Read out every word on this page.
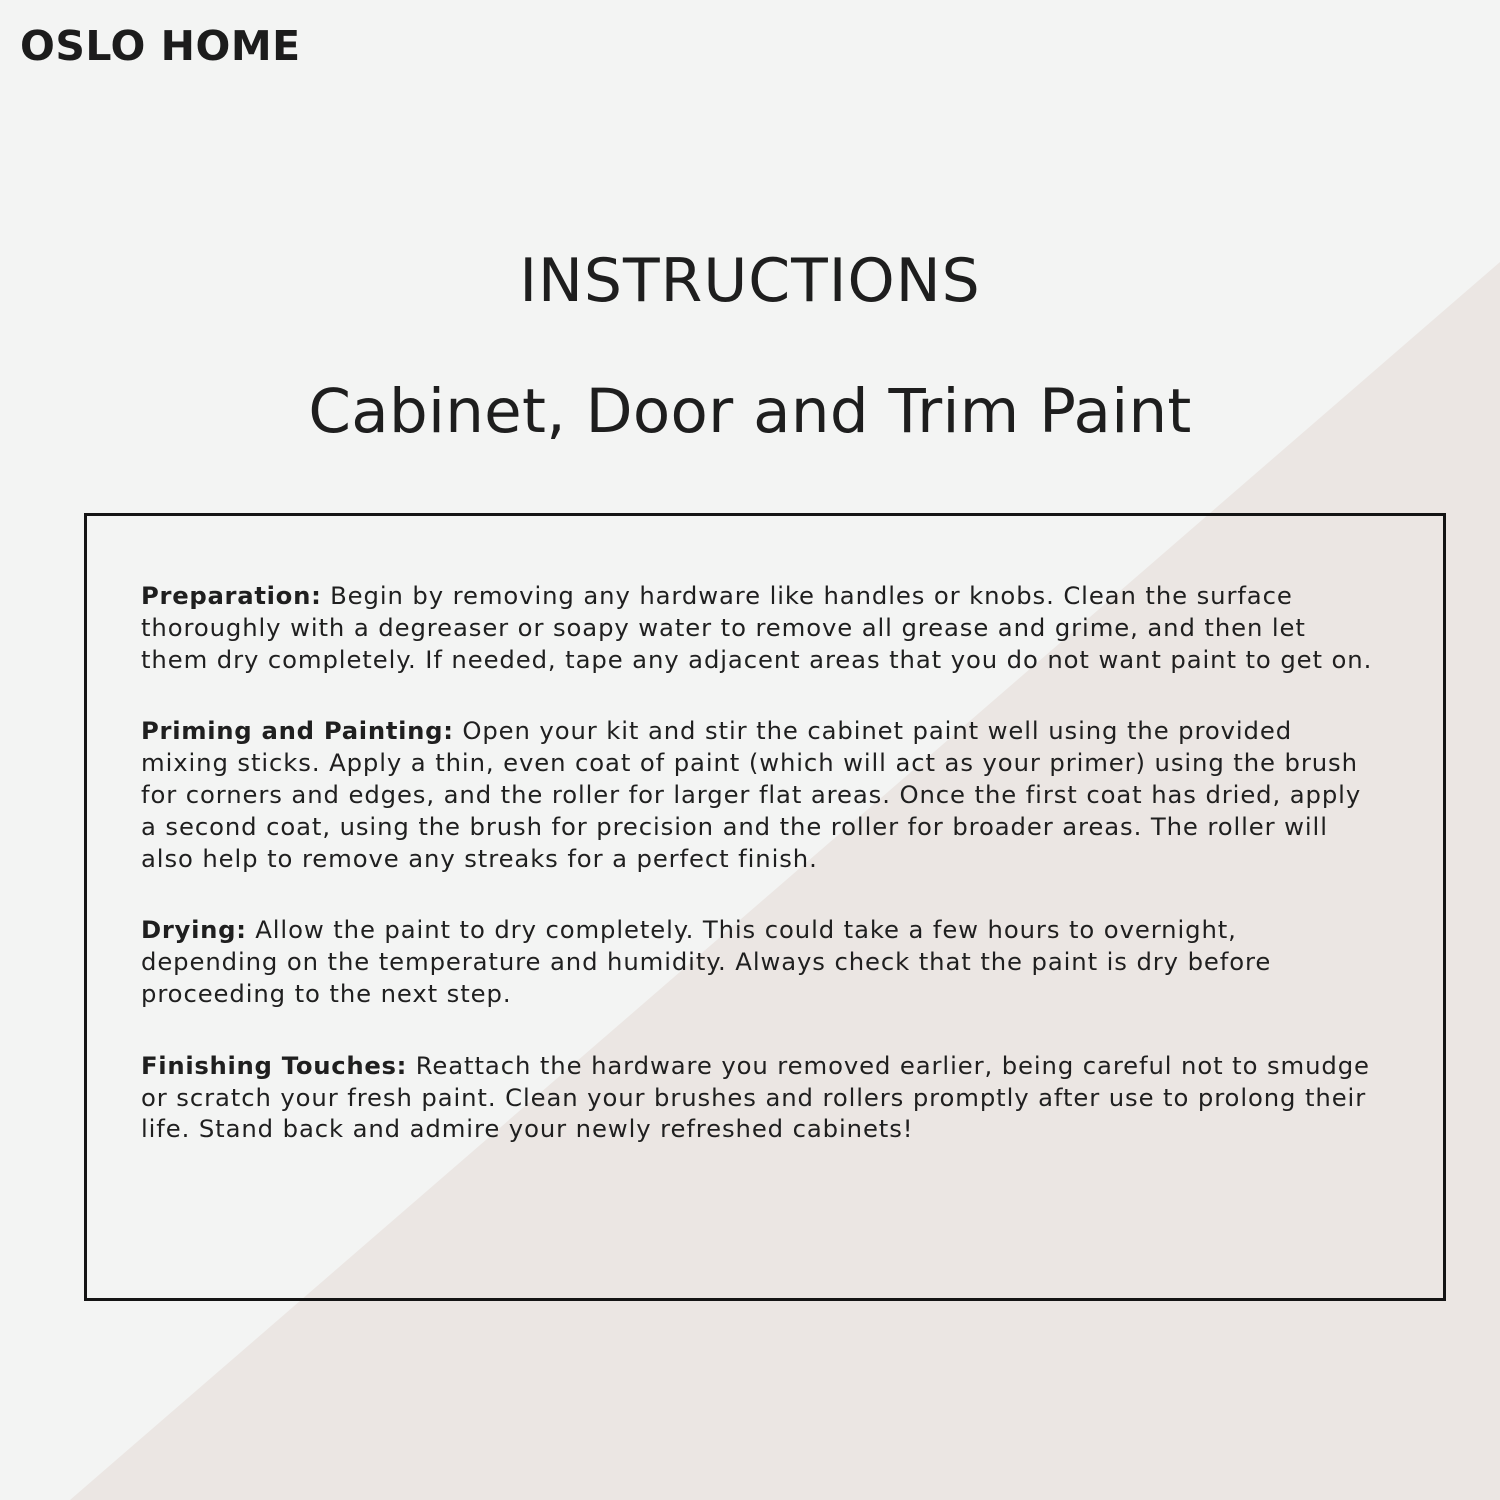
OSLO HOME
INSTRUCTIONS
Cabinet, Door and Trim Paint

Preparation: Begin by removing any hardware like handles or knobs. Clean the surface thoroughly with a degreaser or soapy water to remove all grease and grime, and then let them dry completely. If needed, tape any adjacent areas that you do not want paint to get on.

Priming and Painting: Open your kit and stir the cabinet paint well using the provided mixing sticks. Apply a thin, even coat of paint (which will act as your primer) using the brush for corners and edges, and the roller for larger flat areas. Once the first coat has dried, apply a second coat, using the brush for precision and the roller for broader areas. The roller will also help to remove any streaks for a perfect finish.

Drying: Allow the paint to dry completely. This could take a few hours to overnight, depending on the temperature and humidity. Always check that the paint is dry before proceeding to the next step.

Finishing Touches: Reattach the hardware you removed earlier, being careful not to smudge or scratch your fresh paint. Clean your brushes and rollers promptly after use to prolong their life. Stand back and admire your newly refreshed cabinets!
